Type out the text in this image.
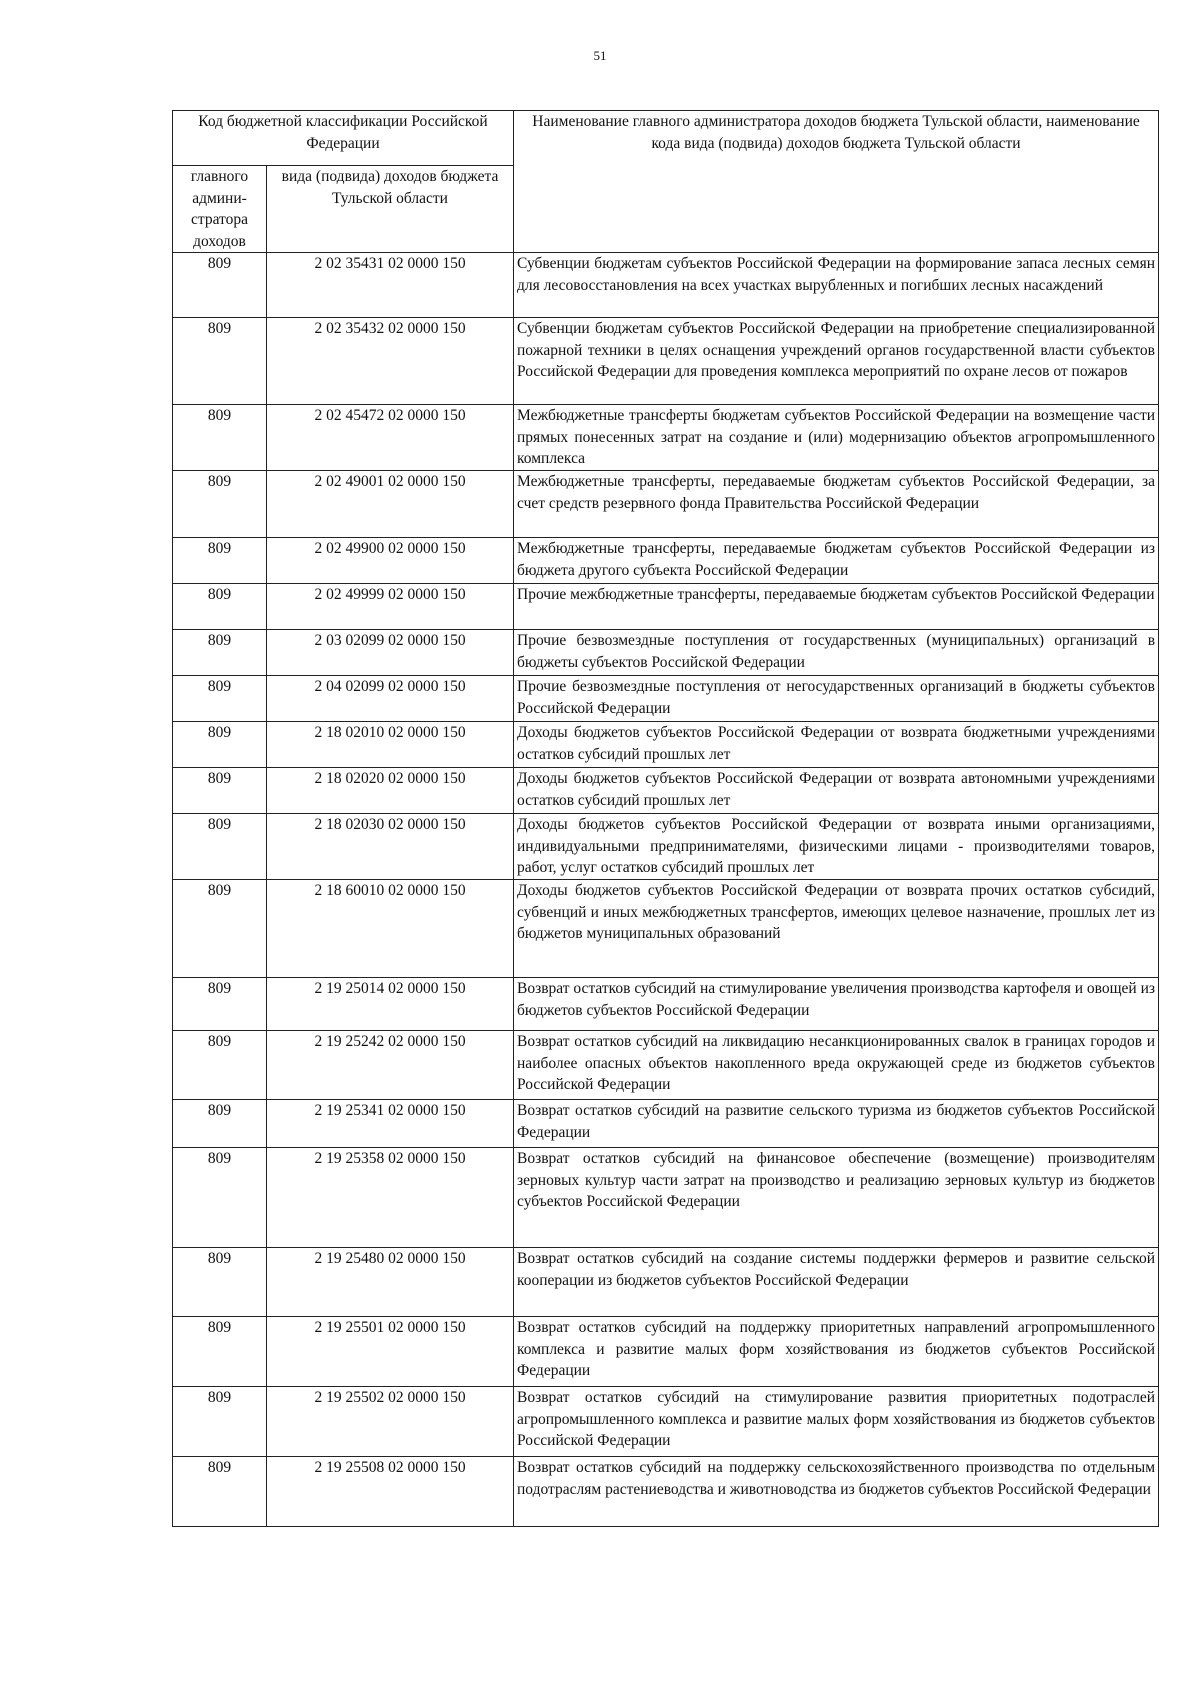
51
Код бюджетной классификации Российской Федерации		Наименование главного администратора доходов бюджета Тульской области, наименование кода вида (подвида) доходов бюджета Тульской области
главного админи-стратора доходов	вида (подвида) доходов бюджета Тульской области	
809	2 02 35431 02 0000 150	Субвенции бюджетам субъектов Российской Федерации на формирование запаса лесных семян для лесовосстановления на всех участках вырубленных и погибших лесных насаждений
809	2 02 35432 02 0000 150	Субвенции бюджетам субъектов Российской Федерации на приобретение специализированной пожарной техники в целях оснащения учреждений органов государственной власти субъектов Российской Федерации для проведения комплекса мероприятий по охране лесов от пожаров
809	2 02 45472 02 0000 150	Межбюджетные трансферты бюджетам субъектов Российской Федерации на возмещение части прямых понесенных затрат на создание и (или) модернизацию объектов агропромышленного комплекса
809	2 02 49001 02 0000 150	Межбюджетные трансферты, передаваемые бюджетам субъектов Российской Федерации, за счет средств резервного фонда Правительства Российской Федерации
809	2 02 49900 02 0000 150	Межбюджетные трансферты, передаваемые бюджетам субъектов Российской Федерации из бюджета другого субъекта Российской Федерации
809	2 02 49999 02 0000 150	Прочие межбюджетные трансферты, передаваемые бюджетам субъектов Российской Федерации
809	2 03 02099 02 0000 150	Прочие безвозмездные поступления от государственных (муниципальных) организаций в бюджеты субъектов Российской Федерации
809	2 04 02099 02 0000 150	Прочие безвозмездные поступления от негосударственных организаций в бюджеты субъектов Российской Федерации
809	2 18 02010 02 0000 150	Доходы бюджетов субъектов Российской Федерации от возврата бюджетными учреждениями остатков субсидий прошлых лет
809	2 18 02020 02 0000 150	Доходы бюджетов субъектов Российской Федерации от возврата автономными учреждениями остатков субсидий прошлых лет
809	2 18 02030 02 0000 150	Доходы бюджетов субъектов Российской Федерации от возврата иными организациями, индивидуальными предпринимателями, физическими лицами - производителями товаров, работ, услуг остатков субсидий прошлых лет
809	2 18 60010 02 0000 150	Доходы бюджетов субъектов Российской Федерации от возврата прочих остатков субсидий, субвенций и иных межбюджетных трансфертов, имеющих целевое назначение, прошлых лет из бюджетов муниципальных образований
809	2 19 25014 02 0000 150	Возврат остатков субсидий на стимулирование увеличения производства картофеля и овощей из бюджетов субъектов Российской Федерации
809	2 19 25242 02 0000 150	Возврат остатков субсидий на ликвидацию несанкционированных свалок в границах городов и наиболее опасных объектов накопленного вреда окружающей среде из бюджетов субъектов Российской Федерации
809	2 19 25341 02 0000 150	Возврат остатков субсидий на развитие сельского туризма из бюджетов субъектов Российской Федерации
809	2 19 25358 02 0000 150	Возврат остатков субсидий на финансовое обеспечение (возмещение) производителям зерновых культур части затрат на производство и реализацию зерновых культур из бюджетов субъектов Российской Федерации
809	2 19 25480 02 0000 150	Возврат остатков субсидий на создание системы поддержки фермеров и развитие сельской кооперации из бюджетов субъектов Российской Федерации
809	2 19 25501 02 0000 150	Возврат остатков субсидий на поддержку приоритетных направлений агропромышленного комплекса и развитие малых форм хозяйствования из бюджетов субъектов Российской Федерации
809	2 19 25502 02 0000 150	Возврат остатков субсидий на стимулирование развития приоритетных подотраслей агропромышленного комплекса и развитие малых форм хозяйствования из бюджетов субъектов Российской Федерации
809	2 19 25508 02 0000 150	Возврат остатков субсидий на поддержку сельскохозяйственного производства по отдельным подотраслям растениеводства и животноводства из бюджетов субъектов Российской Федерации
